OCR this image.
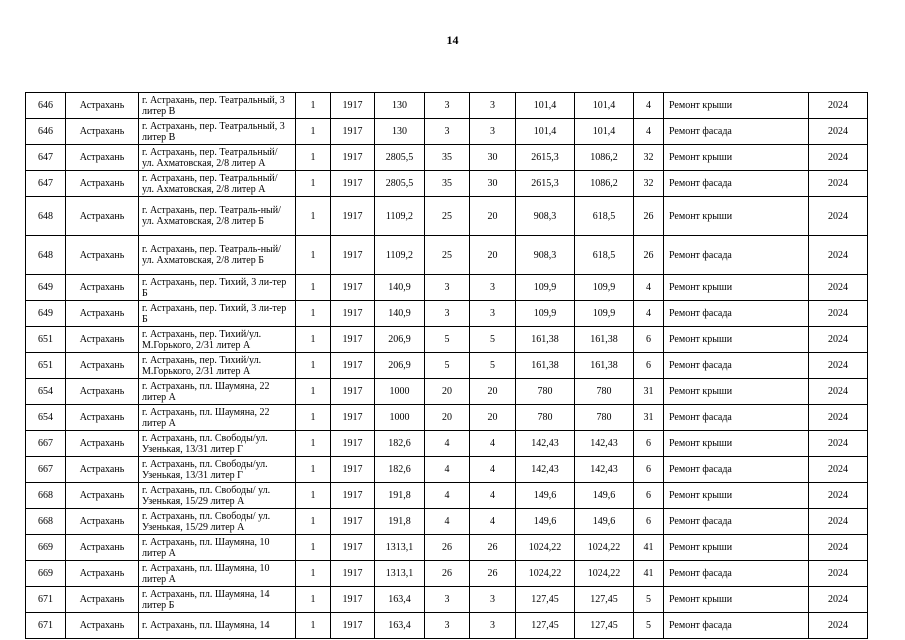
14
646	Астрахань	г. Астрахань, пер. Театральный, 3 литер В	1	1917	130	3	3	101,4	101,4	4	Ремонт крыши	2024
646	Астрахань	г. Астрахань, пер. Театральный, 3 литер В	1	1917	130	3	3	101,4	101,4	4	Ремонт фасада	2024
647	Астрахань	г. Астрахань, пер. Театральный/ ул. Ахматовская, 2/8 литер А	1	1917	2805,5	35	30	2615,3	1086,2	32	Ремонт крыши	2024
647	Астрахань	г. Астрахань, пер. Театральный/ ул. Ахматовская, 2/8 литер А	1	1917	2805,5	35	30	2615,3	1086,2	32	Ремонт фасада	2024
648	Астрахань	г. Астрахань, пер. Театраль-ный/ул. Ахматовская, 2/8 литер Б	1	1917	1109,2	25	20	908,3	618,5	26	Ремонт крыши	2024
648	Астрахань	г. Астрахань, пер. Театраль-ный/ул. Ахматовская, 2/8 литер Б	1	1917	1109,2	25	20	908,3	618,5	26	Ремонт фасада	2024
649	Астрахань	г. Астрахань, пер. Тихий, 3 ли-тер Б	1	1917	140,9	3	3	109,9	109,9	4	Ремонт крыши	2024
649	Астрахань	г. Астрахань, пер. Тихий, 3 ли-тер Б	1	1917	140,9	3	3	109,9	109,9	4	Ремонт фасада	2024
651	Астрахань	г. Астрахань, пер. Тихий/ул. М.Горького, 2/31 литер А	1	1917	206,9	5	5	161,38	161,38	6	Ремонт крыши	2024
651	Астрахань	г. Астрахань, пер. Тихий/ул. М.Горького, 2/31 литер А	1	1917	206,9	5	5	161,38	161,38	6	Ремонт фасада	2024
654	Астрахань	г. Астрахань, пл. Шаумяна, 22 литер А	1	1917	1000	20	20	780	780	31	Ремонт крыши	2024
654	Астрахань	г. Астрахань, пл. Шаумяна, 22 литер А	1	1917	1000	20	20	780	780	31	Ремонт фасада	2024
667	Астрахань	г. Астрахань, пл. Свободы/ул. Узенькая, 13/31 литер Г	1	1917	182,6	4	4	142,43	142,43	6	Ремонт крыши	2024
667	Астрахань	г. Астрахань, пл. Свободы/ул. Узенькая, 13/31 литер Г	1	1917	182,6	4	4	142,43	142,43	6	Ремонт фасада	2024
668	Астрахань	г. Астрахань, пл. Свободы/ ул. Узенькая, 15/29 литер А	1	1917	191,8	4	4	149,6	149,6	6	Ремонт крыши	2024
668	Астрахань	г. Астрахань, пл. Свободы/ ул. Узенькая, 15/29 литер А	1	1917	191,8	4	4	149,6	149,6	6	Ремонт фасада	2024
669	Астрахань	г. Астрахань, пл. Шаумяна, 10 литер А	1	1917	1313,1	26	26	1024,22	1024,22	41	Ремонт крыши	2024
669	Астрахань	г. Астрахань, пл. Шаумяна, 10 литер А	1	1917	1313,1	26	26	1024,22	1024,22	41	Ремонт фасада	2024
671	Астрахань	г. Астрахань, пл. Шаумяна, 14 литер Б	1	1917	163,4	3	3	127,45	127,45	5	Ремонт крыши	2024
671	Астрахань	г. Астрахань, пл. Шаумяна, 14	1	1917	163,4	3	3	127,45	127,45	5	Ремонт фасада	2024
